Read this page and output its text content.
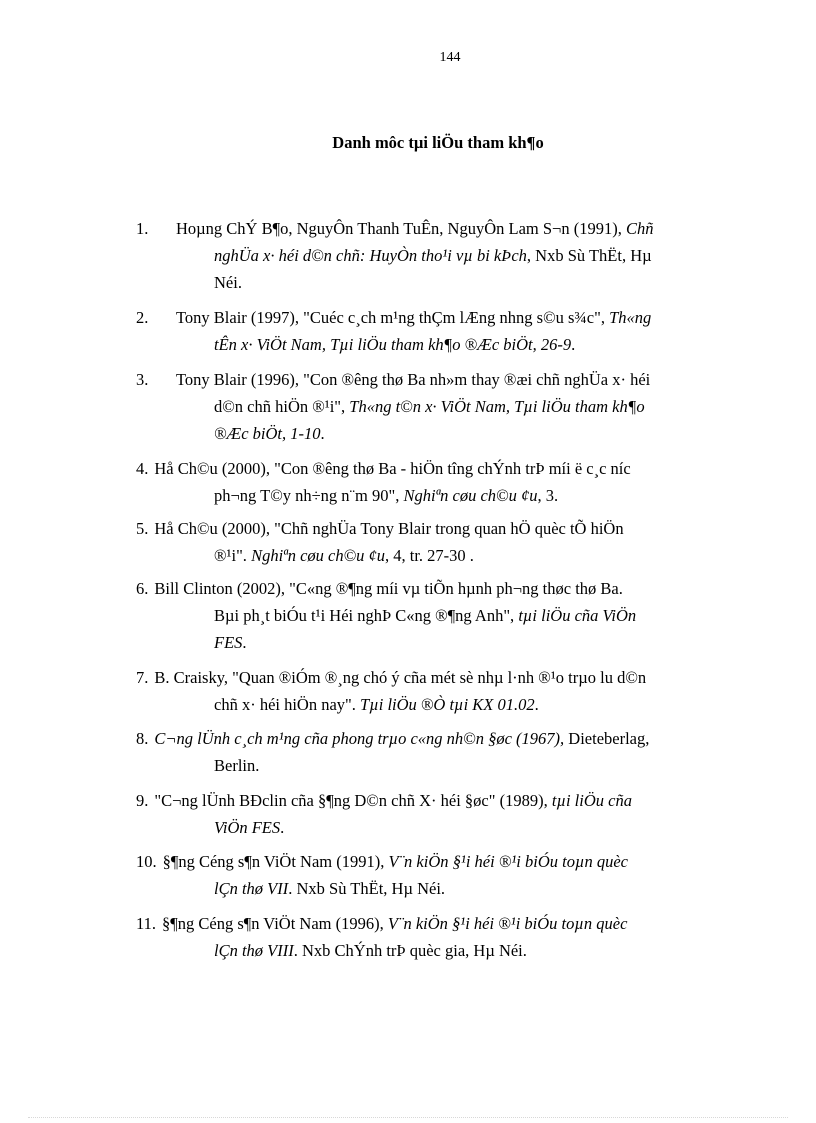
144
Danh môc tµi liÖu tham kh¶o
1. Hoµng ChÝ B¶o, NguyÔn Thanh TuÊn, NguyÔn Lam S¬n (1991), Chñ
nghÜa x· héi d©n chñ: HuyÒn tho¹i vµ bi kÞch, Nxb Sù ThËt, Hµ
Néi.
2. Tony Blair (1997), "Cuéc c¸ch m¹ng thÇm lÆng nhng s©u s¾c", Th«ng
tÊn x· ViÖt Nam, Tµi liÖu tham kh¶o ®Æc biÖt, 26-9.
3. Tony Blair (1996), "Con ®êng thø Ba nh»m thay ®æi chñ nghÜa x· héi
d©n chñ hiÖn ®¹i", Th«ng t©n x· ViÖt Nam, Tµi liÖu tham kh¶o
®Æc biÖt, 1-10.
4. Hå Ch©u (2000), "Con ®êng thø Ba - hiÖn tîng chÝnh trÞ míi ë c¸c níc
ph¬ng T©y nh÷ng n¨m 90", Nghiªn cøu ch©u ¢u, 3.
5. Hå Ch©u (2000), "Chñ nghÜa Tony Blair trong quan hÖ quèc tÕ hiÖn
®¹i". Nghiªn cøu ch©u ¢u, 4, tr. 27-30 .
6. Bill Clinton (2002), "C«ng ®¶ng míi vµ tiÕn hµnh ph¬ng thøc thø Ba.
Bµi ph¸t biÓu t¹i Héi nghÞ C«ng ®¶ng Anh", tµi liÖu cña ViÖn
FES.
7. B. Craisky, "Quan ®iÓm ®¸ng chó ý cña mét sè nhµ l·nh ®¹o trµo lu d©n
chñ x· héi hiÖn nay". Tµi liÖu ®Ò tµi KX 01.02.
8. C¬ng lÜnh c¸ch m¹ng cña phong trµo c«ng nh©n §øc (1967), Dieteberlag,
Berlin.
9. "C¬ng lÜnh BÐclin cña §¶ng D©n chñ X· héi §øc" (1989), tµi liÖu cña
ViÖn FES.
10. §¶ng Céng s¶n ViÖt Nam (1991), V¨n kiÖn §¹i héi ®¹i biÓu toµn quèc
lÇn thø VII. Nxb Sù ThËt, Hµ Néi.
11. §¶ng Céng s¶n ViÖt Nam (1996), V¨n kiÖn §¹i héi ®¹i biÓu toµn quèc
lÇn thø VIII. Nxb ChÝnh trÞ quèc gia, Hµ Néi.
